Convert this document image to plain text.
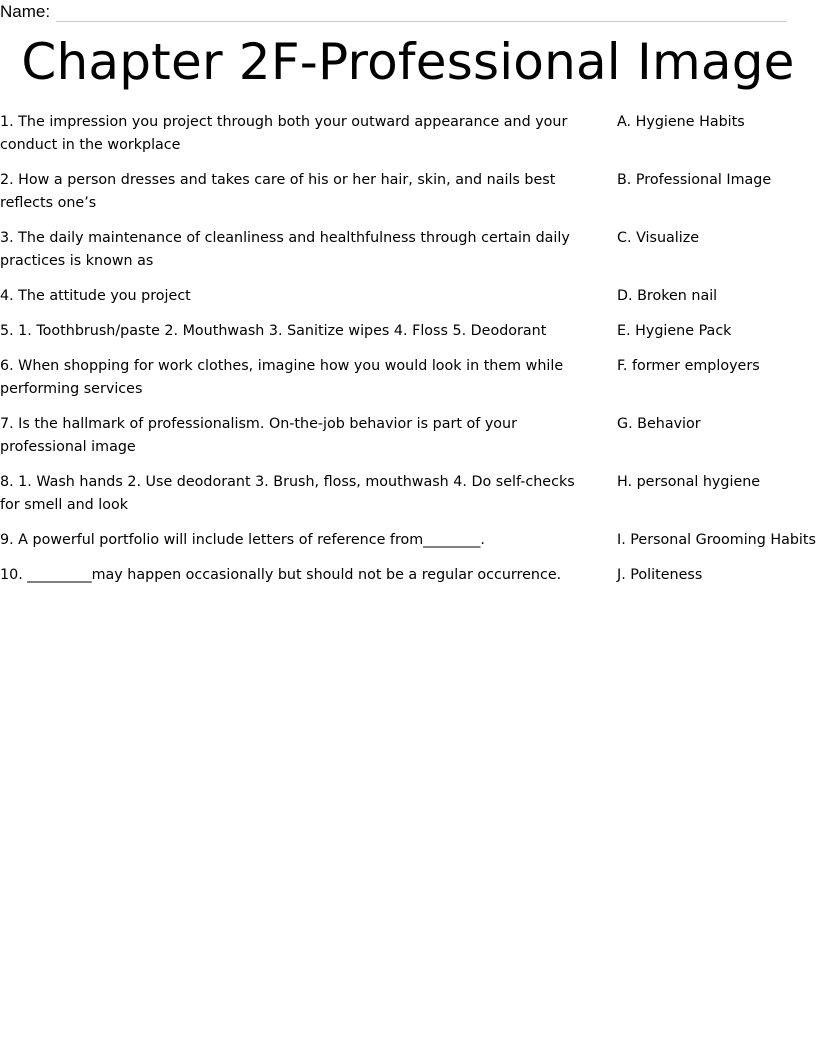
Name:
Chapter 2F-Professional Image
1. The impression you project through both your outward appearance and your conduct in the workplace
A. Hygiene Habits
2. How a person dresses and takes care of his or her hair, skin, and nails best reflects one’s
B. Professional Image
3. The daily maintenance of cleanliness and healthfulness through certain daily practices is known as
C. Visualize
4. The attitude you project	D. Broken nail
5. 1. Toothbrush/paste 2. Mouthwash 3. Sanitize wipes 4. Floss 5. Deodorant	E. Hygiene Pack
6. When shopping for work clothes, imagine how you would look in them while performing services
F. former employers
7. Is the hallmark of professionalism. On-the-job behavior is part of your professional image
G. Behavior
8. 1. Wash hands 2. Use deodorant 3. Brush, floss, mouthwash 4. Do self-checks for smell and look
H. personal hygiene
9. A powerful portfolio will include letters of reference from________.	I. Personal Grooming Habits
10. _________may happen occasionally but should not be a regular occurrence.	J. Politeness
